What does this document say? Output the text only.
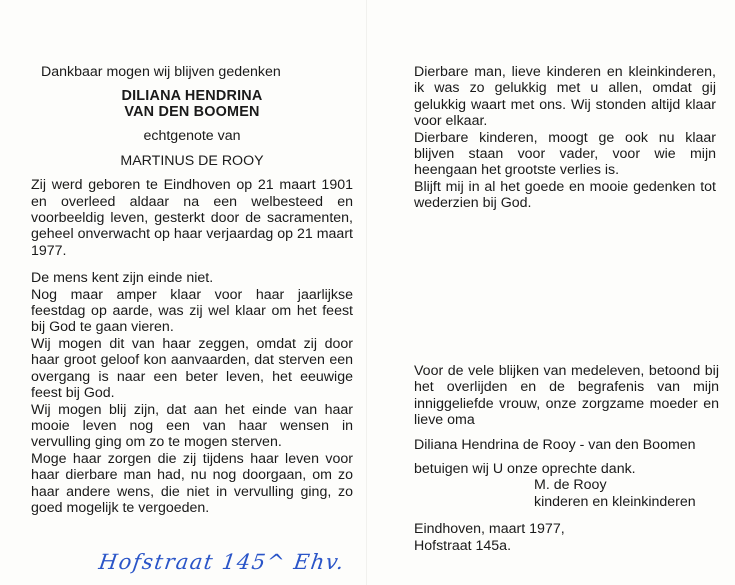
Dankbaar mogen wij blijven gedenken

DILIANA HENDRINA

VAN DEN BOOMEN

echtgenote van

MARTINUS DE ROOY

Zij werd geboren te Eindhoven op 21 maart 1901 en overleed aldaar na een welbesteed en voorbeeldig leven, gesterkt door de sacramenten, geheel onverwacht op haar verjaardag op 21 maart 1977.

De mens kent zijn einde niet.

Nog maar amper klaar voor haar jaarlijkse feestdag op aarde, was zij wel klaar om het feest bij God te gaan vieren.

Wij mogen dit van haar zeggen, omdat zij door haar groot geloof kon aanvaarden, dat sterven een overgang is naar een beter leven, het eeuwige feest bij God.

Wij mogen blij zijn, dat aan het einde van haar mooie leven nog een van haar wensen in vervulling ging om zo te mogen sterven.

Moge haar zorgen die zij tijdens haar leven voor haar dierbare man had, nu nog doorgaan, om zo haar andere wens, die niet in vervulling ging, zo goed mogelijk te vergoeden.

Dierbare man, lieve kinderen en kleinkinderen, ik was zo gelukkig met u allen, omdat gij gelukkig waart met ons. Wij stonden altijd klaar voor elkaar.

Dierbare kinderen, moogt ge ook nu klaar blijven staan voor vader, voor wie mijn heengaan het grootste verlies is.

Blijft mij in al het goede en mooie gedenken tot wederzien bij God.

Voor de vele blijken van medeleven, betoond bij het overlijden en de begrafenis van mijn inniggeliefde vrouw, onze zorgzame moeder en lieve oma

Diliana Hendrina de Rooy - van den Boomen

betuigen wij U onze oprechte dank.

M. de Rooy

kinderen en kleinkinderen

Eindhoven, maart 1977,

Hofstraat 145a.

Hofstraat 145^ Ehv.
